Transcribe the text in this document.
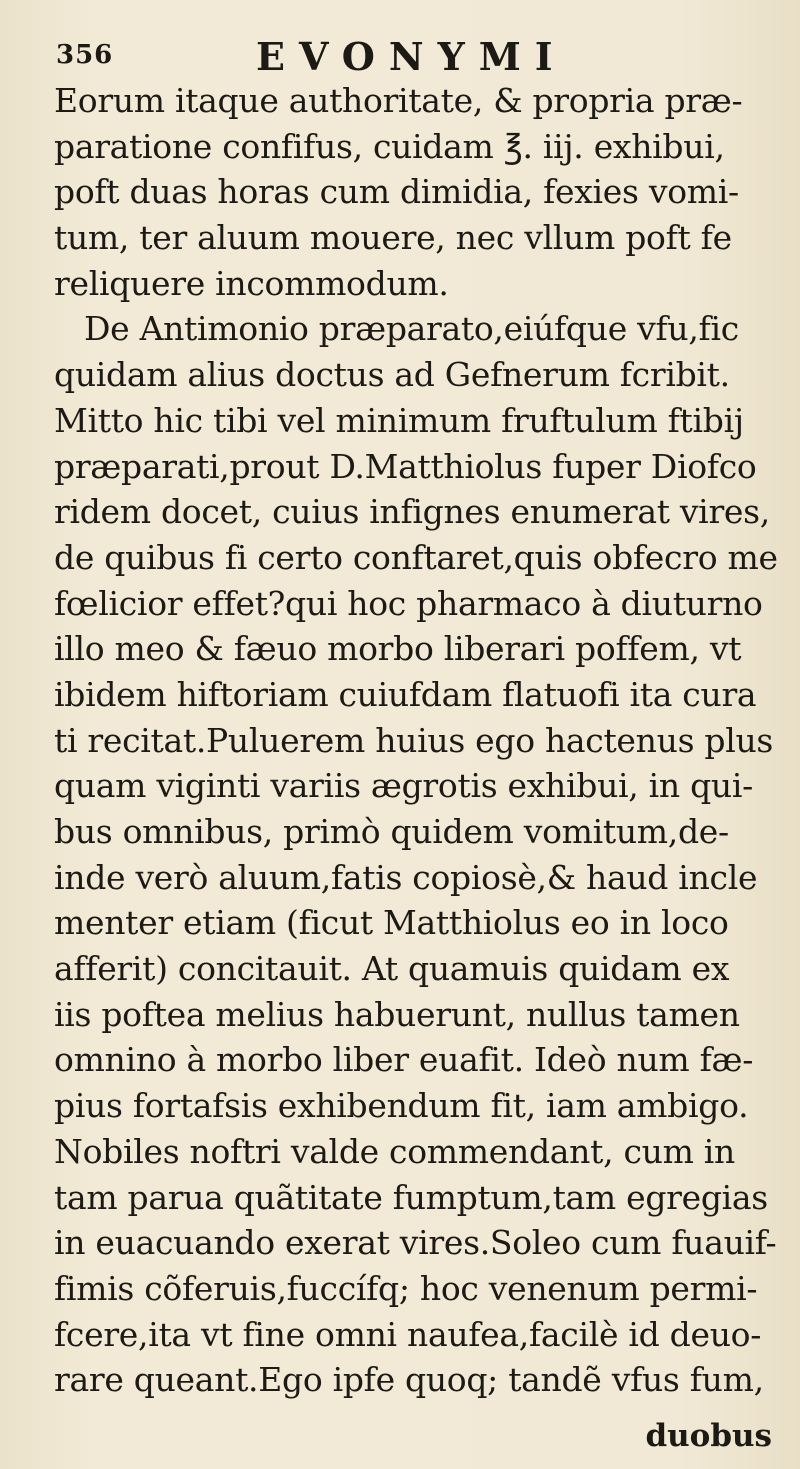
356	EVONYMI
Eorum itaque authoritate, & propria præ-
paratione confifus, cuidam ℥. iij. exhibui,
poft duas horas cum dimidia, fexies vomi-
tum, ter aluum mouere, nec vllum poft fe
reliquere incommodum.
De Antimonio præparato,eiúfque vfu,fic
quidam alius doctus ad Gefnerum fcribit.
Mitto hic tibi vel minimum fruftulum ftibij
præparati,prout D.Matthiolus fuper Diofco
ridem docet, cuius infignes enumerat vires,
de quibus fi certo conftaret,quis obfecro me
fœlicior effet?qui hoc pharmaco à diuturno
illo meo & fæuo morbo liberari poffem, vt
ibidem hiftoriam cuiufdam flatuofi ita cura
ti recitat.Puluerem huius ego hactenus plus
quam viginti variis ægrotis exhibui, in qui-
bus omnibus, primò quidem vomitum,de-
inde verò aluum,fatis copiosè,& haud incle
menter etiam (ficut Matthiolus eo in loco
afferit) concitauit. At quamuis quidam ex
iis poftea melius habuerunt, nullus tamen
omnino à morbo liber euafit. Ideò num fæ-
pius fortafsis exhibendum fit, iam ambigo.
Nobiles noftri valde commendant, cum in
tam parua quãtitate fumptum,tam egregias
in euacuando exerat vires.Soleo cum fuauif-
fimis cõferuis,fuccífq; hoc venenum permi-
fcere,ita vt fine omni naufea,facilè id deuo-
rare queant.Ego ipfe quoq; tandẽ vfus fum,
duobus
